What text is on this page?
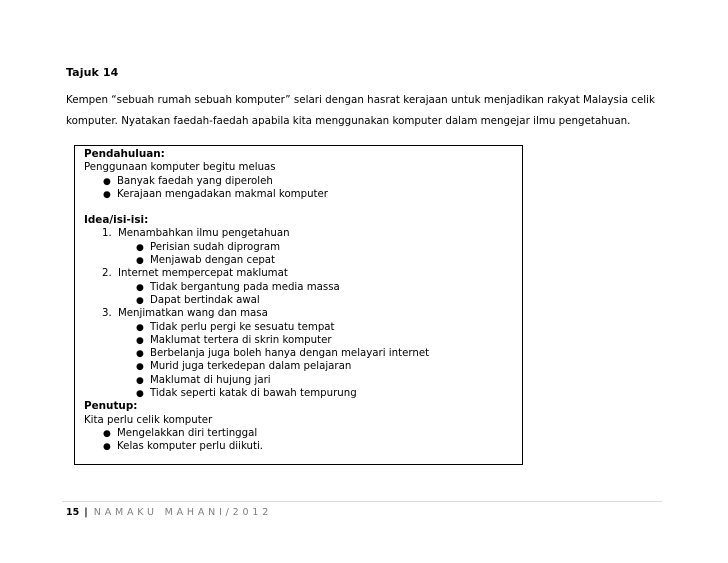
Tajuk 14

Kempen “sebuah rumah sebuah komputer” selari dengan hasrat kerajaan untuk menjadikan rakyat Malaysia celik

komputer. Nyatakan faedah-faedah apabila kita menggunakan komputer dalam mengejar ilmu pengetahuan.

Pendahuluan:
Penggunaan komputer begitu meluas
● Banyak faedah yang diperoleh
● Kerajaan mengadakan makmal komputer
Idea/isi-isi:
1. Menambahkan ilmu pengetahuan
● Perisian sudah diprogram
● Menjawab dengan cepat
2. Internet mempercepat maklumat
● Tidak bergantung pada media massa
● Dapat bertindak awal
3. Menjimatkan wang dan masa
● Tidak perlu pergi ke sesuatu tempat
● Maklumat tertera di skrin komputer
● Berbelanja juga boleh hanya dengan melayari internet
● Murid juga terkedepan dalam pelajaran
● Maklumat di hujung jari
● Tidak seperti katak di bawah tempurung
Penutup:
Kita perlu celik komputer
● Mengelakkan diri tertinggal
● Kelas komputer perlu diikuti.
15 | NAMAKU MAHANI/2012
